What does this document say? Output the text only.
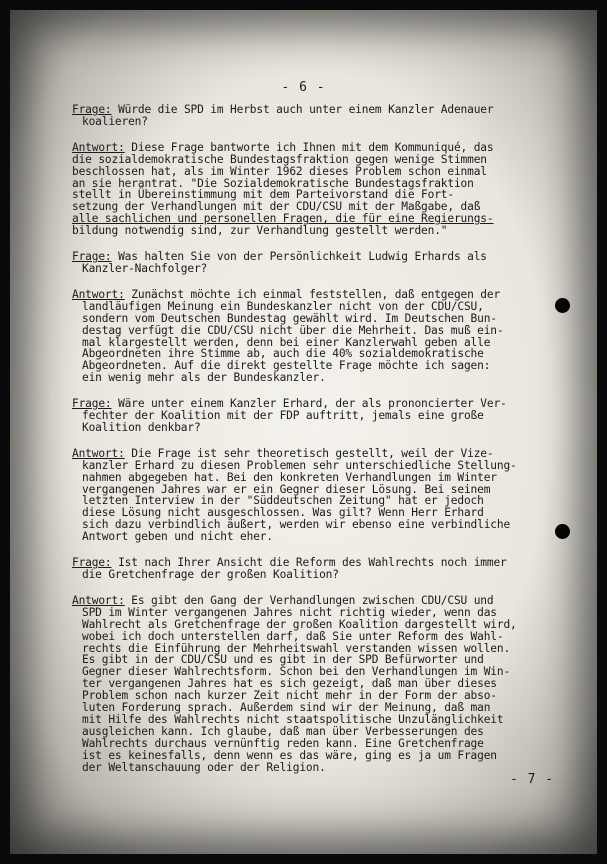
- 6 -
Frage: Würde die SPD im Herbst auch unter einem Kanzler Adenauer
koalieren?
Antwort: Diese Frage bantworte ich Ihnen mit dem Kommuniqué, das
die sozialdemokratische Bundestagsfraktion gegen wenige Stimmen
beschlossen hat, als im Winter 1962 dieses Problem schon einmal
an sie herantrat. "Die Sozialdemokratische Bundestagsfraktion
stellt in Übereinstimmung mit dem Parteivorstand die Fort-
setzung der Verhandlungen mit der CDU/CSU mit der Maßgabe, daß
alle sachlichen und personellen Fragen, die für eine Regierungs-
bildung notwendig sind, zur Verhandlung gestellt werden."
Frage: Was halten Sie von der Persönlichkeit Ludwig Erhards als
Kanzler-Nachfolger?
Antwort: Zunächst möchte ich einmal feststellen, daß entgegen der
landläufigen Meinung ein Bundeskanzler nicht von der CDU/CSU,
sondern vom Deutschen Bundestag gewählt wird. Im Deutschen Bun-
destag verfügt die CDU/CSU nicht über die Mehrheit. Das muß ein-
mal klargestellt werden, denn bei einer Kanzlerwahl geben alle
Abgeordneten ihre Stimme ab, auch die 40% sozialdemokratische
Abgeordneten. Auf die direkt gestellte Frage möchte ich sagen:
ein wenig mehr als der Bundeskanzler.
Frage: Wäre unter einem Kanzler Erhard, der als prononcierter Ver-
fechter der Koalition mit der FDP auftritt, jemals eine große
Koalition denkbar?
Antwort: Die Frage ist sehr theoretisch gestellt, weil der Vize-
kanzler Erhard zu diesen Problemen sehr unterschiedliche Stellung-
nahmen abgegeben hat. Bei den konkreten Verhandlungen im Winter
vergangenen Jahres war er ein Gegner dieser Lösung. Bei seinem
letzten Interview in der "Süddeutschen Zeitung" hat er jedoch
diese Lösung nicht ausgeschlossen. Was gilt? Wenn Herr Erhard
sich dazu verbindlich äußert, werden wir ebenso eine verbindliche
Antwort geben und nicht eher.
Frage: Ist nach Ihrer Ansicht die Reform des Wahlrechts noch immer
die Gretchenfrage der großen Koalition?
Antwort: Es gibt den Gang der Verhandlungen zwischen CDU/CSU und
SPD im Winter vergangenen Jahres nicht richtig wieder, wenn das
Wahlrecht als Gretchenfrage der großen Koalition dargestellt wird,
wobei ich doch unterstellen darf, daß Sie unter Reform des Wahl-
rechts die Einführung der Mehrheitswahl verstanden wissen wollen.
Es gibt in der CDU/CSU und es gibt in der SPD Befürworter und
Gegner dieser Wahlrechtsform. Schon bei den Verhandlungen im Win-
ter vergangenen Jahres hat es sich gezeigt, daß man über dieses
Problem schon nach kurzer Zeit nicht mehr in der Form der abso-
luten Forderung sprach. Außerdem sind wir der Meinung, daß man
mit Hilfe des Wahlrechts nicht staatspolitische Unzulänglichkeit
ausgleichen kann. Ich glaube, daß man über Verbesserungen des
Wahlrechts durchaus vernünftig reden kann. Eine Gretchenfrage
ist es keinesfalls, denn wenn es das wäre, ging es ja um Fragen
der Weltanschauung oder der Religion.
- 7 -
